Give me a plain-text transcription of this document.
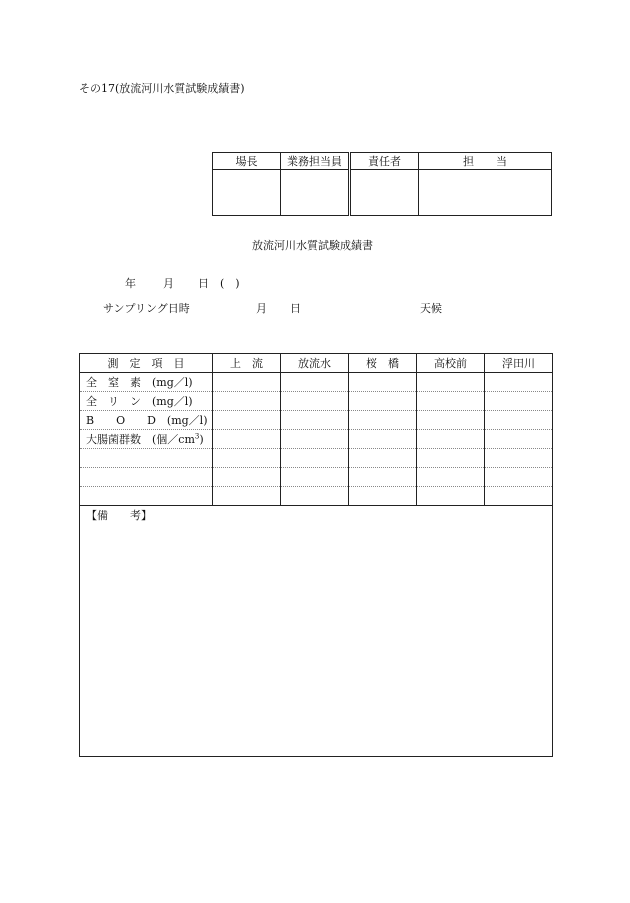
その17(放流河川水質試験成績書)
場長	業務担当員	責任者	担　　当

放流河川水質試験成績書
年 月 日 (　)
サンプリング日時	月 日	天候
測　定　項　目	上　流	放流水	桜　橋	高校前	浮田川
全　窒　素　(mg／l)					
全　リ　ン　(mg／l)					
B　　O　　D　(mg／l)					
大腸菌群数　(個$/cm^3$)					

【備　　考】
